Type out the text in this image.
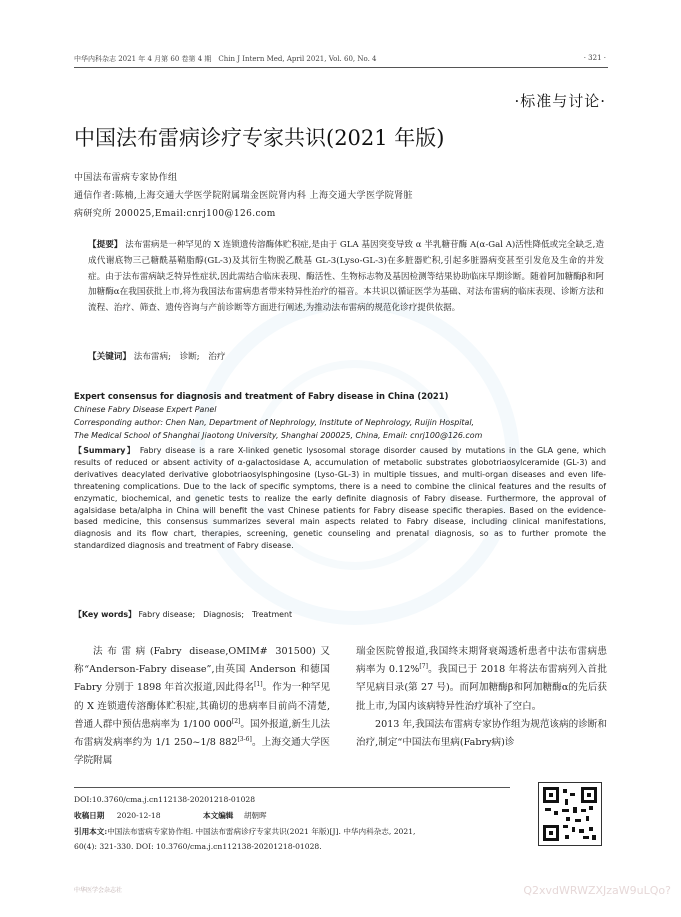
中华内科杂志 2021 年 4 月第 60 卷第 4 期　Chin J Intern Med, April 2021, Vol. 60, No. 4	· 321 ·
·标准与讨论·
中国法布雷病诊疗专家共识(2021 年版)
中国法布雷病专家协作组
通信作者:陈楠,上海交通大学医学院附属瑞金医院肾内科 上海交通大学医学院肾脏
病研究所 200025,Email:cnrj100@126.com
【提要】 法布雷病是一种罕见的 X 连锁遗传溶酶体贮积症,是由于 GLA 基因突变导致 α 半乳糖苷酶 A(α-Gal A)活性降低或完全缺乏,造成代谢底物三己糖酰基鞘脂醇(GL-3)及其衍生物脱乙酰基 GL-3(Lyso-GL-3)在多脏器贮积,引起多脏器病变甚至引发危及生命的并发症。由于法布雷病缺乏特异性症状,因此需结合临床表现、酶活性、生物标志物及基因检测等结果协助临床早期诊断。随着阿加糖酶β和阿加糖酶α在我国获批上市,将为我国法布雷病患者带来特异性治疗的福音。本共识以循证医学为基础、对法布雷病的临床表现、诊断方法和流程、治疗、筛查、遗传咨询与产前诊断等方面进行阐述,为推动法布雷病的规范化诊疗提供依据。
【关键词】 法布雷病;　诊断;　治疗
Expert consensus for diagnosis and treatment of Fabry disease in China (2021)
Chinese Fabry Disease Expert Panel
Corresponding author: Chen Nan, Department of Nephrology, Institute of Nephrology, Ruijin Hospital,
The Medical School of Shanghai Jiaotong University, Shanghai 200025, China, Email: cnrj100@126.com
【Summary】 Fabry disease is a rare X-linked genetic lysosomal storage disorder caused by mutations in the GLA gene, which results of reduced or absent activity of α-galactosidase A, accumulation of metabolic substrates globotriaosylceramide (GL-3) and derivatives deacylated derivative globotriaosylsphingosine (Lyso-GL-3) in multiple tissues, and multi-organ diseases and even life-threatening complications. Due to the lack of specific symptoms, there is a need to combine the clinical features and the results of enzymatic, biochemical, and genetic tests to realize the early definite diagnosis of Fabry disease. Furthermore, the approval of agalsidase beta/alpha in China will benefit the vast Chinese patients for Fabry disease specific therapies. Based on the evidence-based medicine, this consensus summarizes several main aspects related to Fabry disease, including clinical manifestations, diagnosis and its flow chart, therapies, screening, genetic counseling and prenatal diagnosis, so as to further promote the standardized diagnosis and treatment of Fabry disease.
【Key words】 Fabry disease;　Diagnosis;　Treatment
法布雷病(Fabry disease,OMIM# 301500)又称“Anderson-Fabry disease”,由英国 Anderson 和德国 Fabry 分别于 1898 年首次报道,因此得名[1]。作为一种罕见的 X 连锁遗传溶酶体贮积症,其确切的患病率目前尚不清楚,普通人群中预估患病率为 1/100 000[2]。国外报道,新生儿法布雷病发病率约为 1/1 250~1/8 882[3-6]。上海交通大学医学院附属
瑞金医院曾报道,我国终末期肾衰竭透析患者中法布雷病患病率为 0.12%[7]。我国已于 2018 年将法布雷病列入首批罕见病目录(第 27 号)。而阿加糖酶β和阿加糖酶α的先后获批上市,为国内该病特异性治疗填补了空白。
2013 年,我国法布雷病专家协作组为规范该病的诊断和治疗,制定“中国法布里病(Fabry病)诊
DOI:10.3760/cma.j.cn112138-20201218-01028
收稿日期 2020-12-18	本文编辑 胡朝晖
引用本文:中国法布雷病专家协作组. 中国法布雷病诊疗专家共识(2021 年版)[J]. 中华内科杂志, 2021,
60(4): 321-330. DOI: 10.3760/cma.j.cn112138-20201218-01028.
中华医学会杂志社	Q2xvdWRWZXJzaW9uLQo?
